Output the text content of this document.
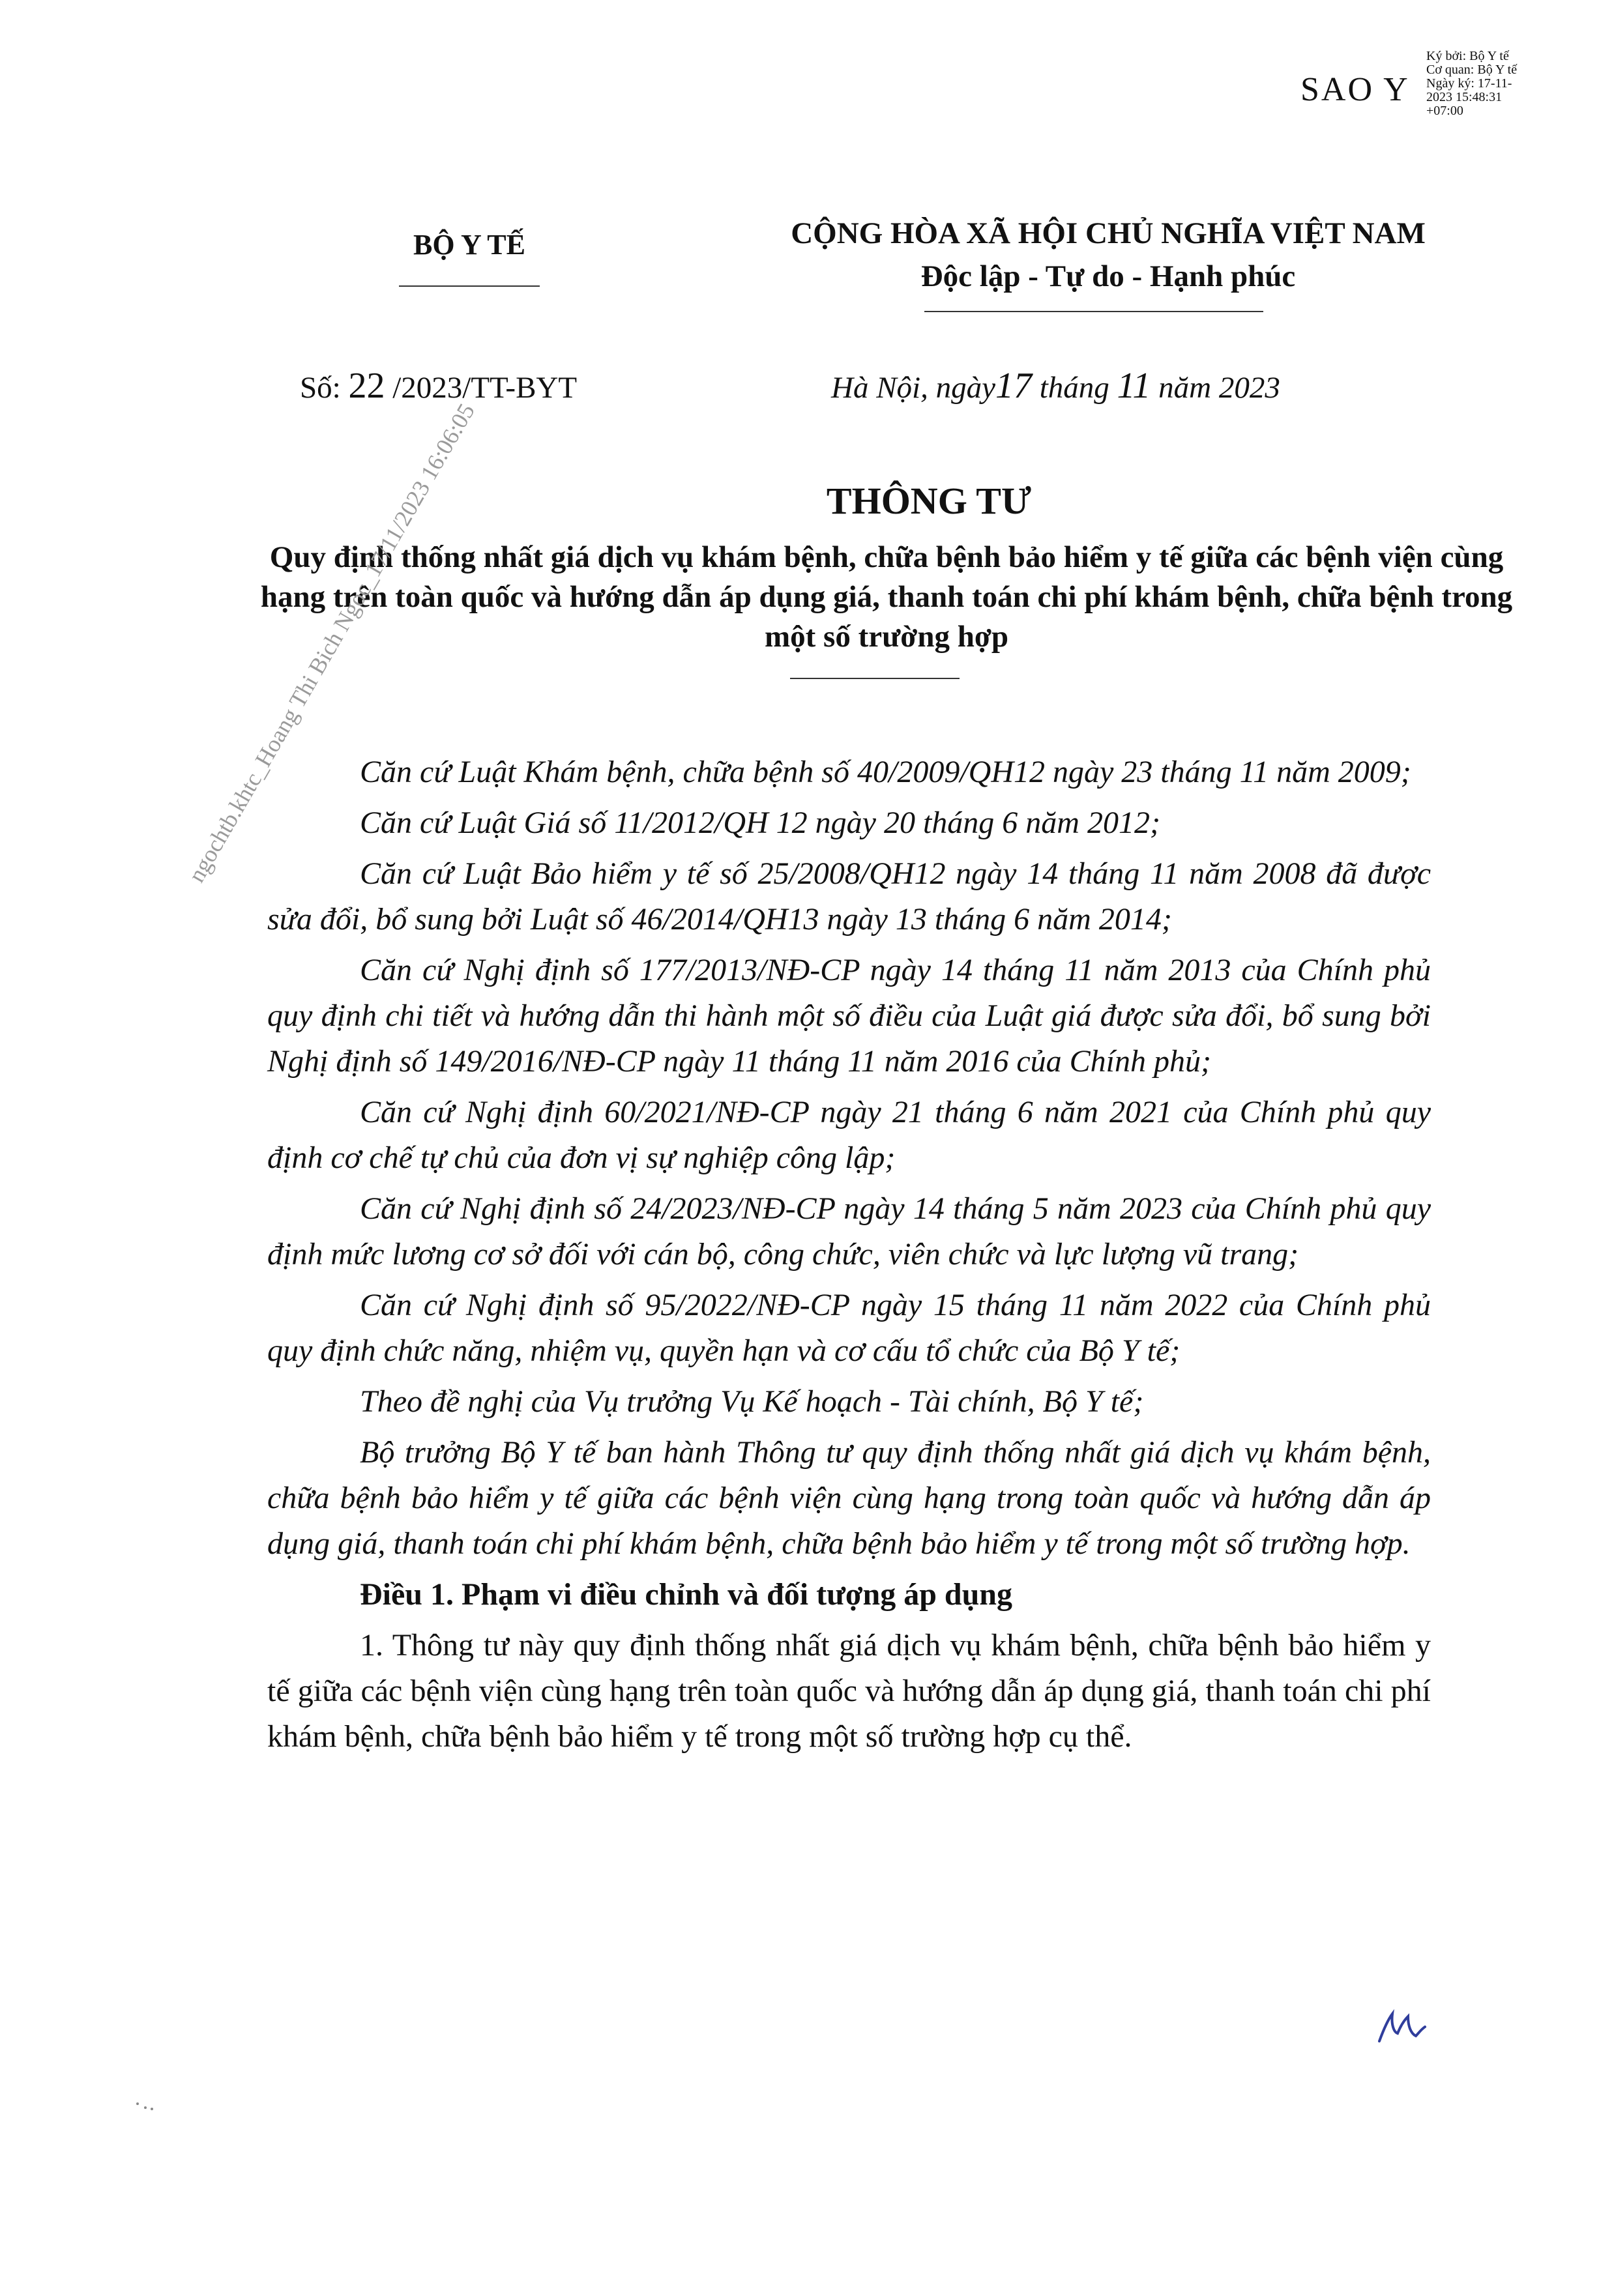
SAO Y
Ký bởi: Bộ Y tế
Cơ quan: Bộ Y tế
Ngày ký: 17-11-
2023 15:48:31
+07:00
BỘ Y TẾ	CỘNG HÒA XÃ HỘI CHỦ NGHĨA VIỆT NAM
Độc lập - Tự do - Hạnh phúc
Số: 22 /2023/TT-BYT	Hà Nội, ngày17 tháng 11 năm 2023
THÔNG TƯ
Quy định thống nhất giá dịch vụ khám bệnh, chữa bệnh bảo hiểm y tế giữa các bệnh viện cùng hạng trên toàn quốc và hướng dẫn áp dụng giá, thanh toán chi phí khám bệnh, chữa bệnh trong một số trường hợp

Căn cứ Luật Khám bệnh, chữa bệnh số 40/2009/QH12 ngày 23 tháng 11 năm 2009;

Căn cứ Luật Giá số 11/2012/QH 12 ngày 20 tháng 6 năm 2012;

Căn cứ Luật Bảo hiểm y tế số 25/2008/QH12 ngày 14 tháng 11 năm 2008 đã được sửa đổi, bổ sung bởi Luật số 46/2014/QH13 ngày 13 tháng 6 năm 2014;

Căn cứ Nghị định số 177/2013/NĐ-CP ngày 14 tháng 11 năm 2013 của Chính phủ quy định chi tiết và hướng dẫn thi hành một số điều của Luật giá được sửa đổi, bổ sung bởi Nghị định số 149/2016/NĐ-CP ngày 11 tháng 11 năm 2016 của Chính phủ;

Căn cứ Nghị định 60/2021/NĐ-CP ngày 21 tháng 6 năm 2021 của Chính phủ quy định cơ chế tự chủ của đơn vị sự nghiệp công lập;

Căn cứ Nghị định số 24/2023/NĐ-CP ngày 14 tháng 5 năm 2023 của Chính phủ quy định mức lương cơ sở đối với cán bộ, công chức, viên chức và lực lượng vũ trang;

Căn cứ Nghị định số 95/2022/NĐ-CP ngày 15 tháng 11 năm 2022 của Chính phủ quy định chức năng, nhiệm vụ, quyền hạn và cơ cấu tổ chức của Bộ Y tế;

Theo đề nghị của Vụ trưởng Vụ Kế hoạch - Tài chính, Bộ Y tế;

Bộ trưởng Bộ Y tế ban hành Thông tư quy định thống nhất giá dịch vụ khám bệnh, chữa bệnh bảo hiểm y tế giữa các bệnh viện cùng hạng trong toàn quốc và hướng dẫn áp dụng giá, thanh toán chi phí khám bệnh, chữa bệnh bảo hiểm y tế trong một số trường hợp.

Điều 1. Phạm vi điều chỉnh và đối tượng áp dụng

1. Thông tư này quy định thống nhất giá dịch vụ khám bệnh, chữa bệnh bảo hiểm y tế giữa các bệnh viện cùng hạng trên toàn quốc và hướng dẫn áp dụng giá, thanh toán chi phí khám bệnh, chữa bệnh bảo hiểm y tế trong một số trường hợp cụ thể.

ngochtb.khtc_Hoang Thi Bich Ngoc_17/11/2023 16:06:05
